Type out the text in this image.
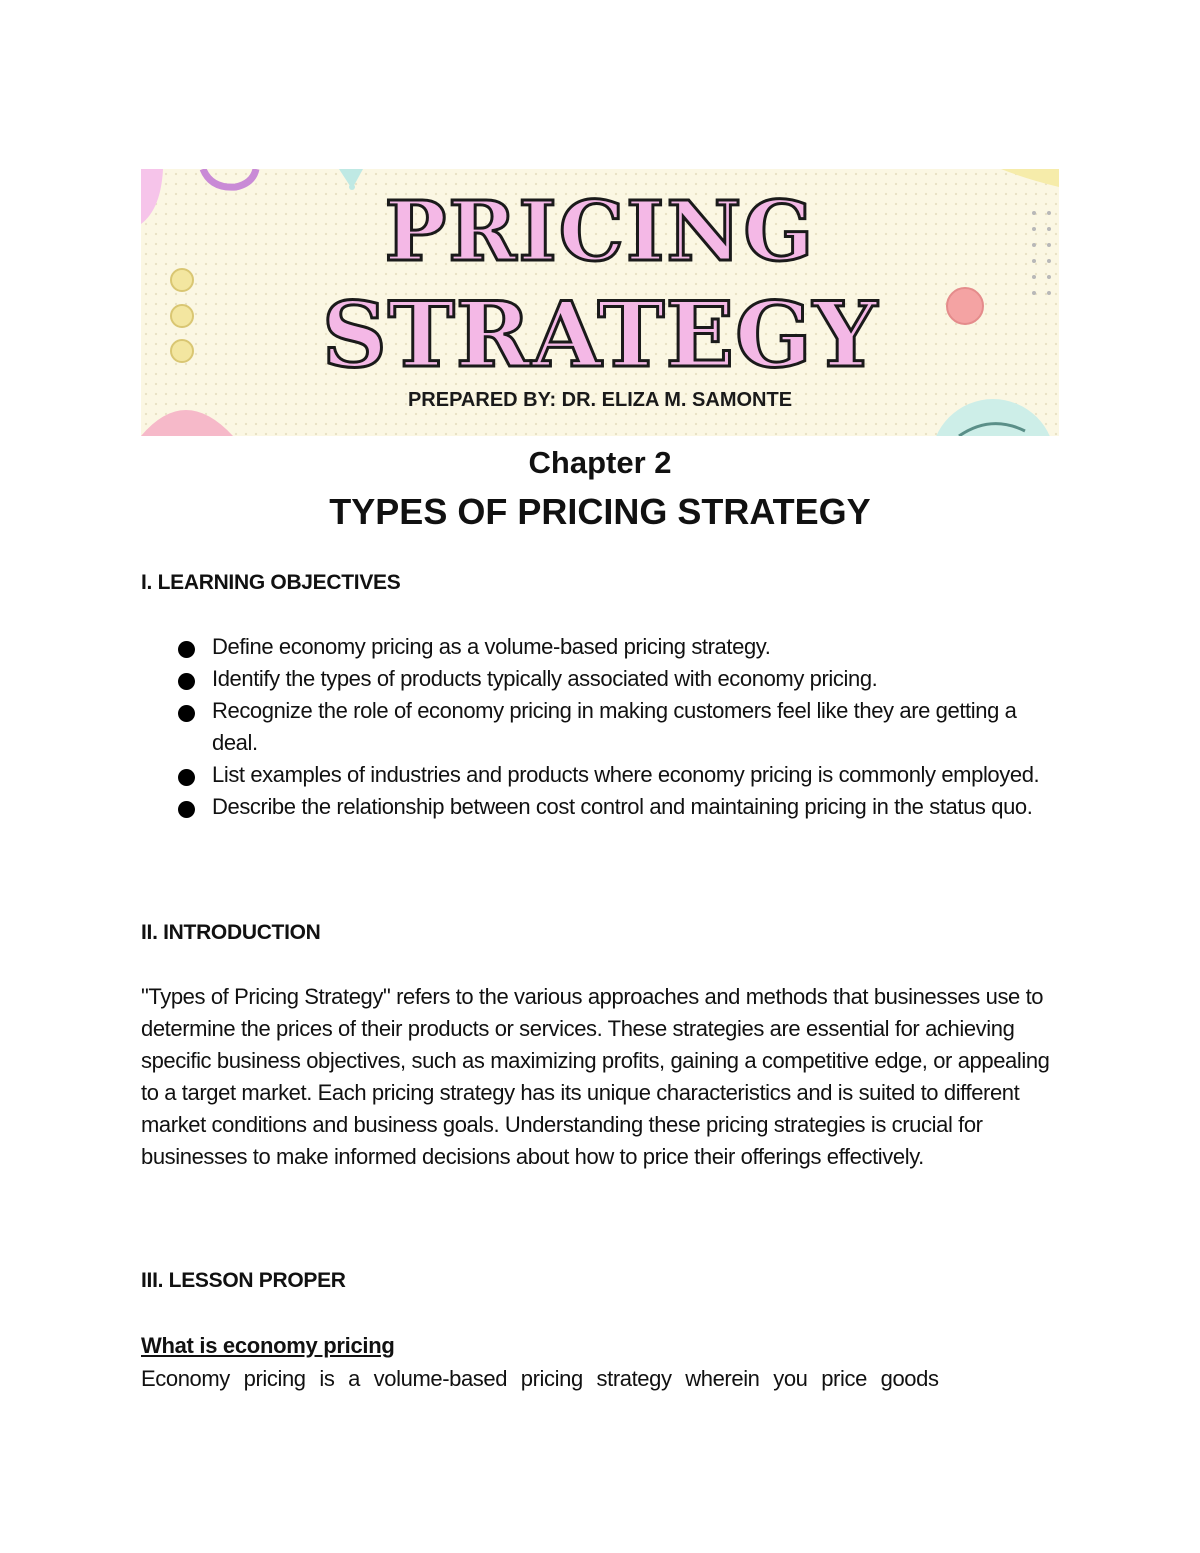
PRICING
STRATEGY
PREPARED BY: DR. ELIZA M. SAMONTE
Chapter 2
TYPES OF PRICING STRATEGY
I. LEARNING OBJECTIVES
Define economy pricing as a volume-based pricing strategy.
Identify the types of products typically associated with economy pricing.
Recognize the role of economy pricing in making customers feel like they are getting a deal.
List examples of industries and products where economy pricing is commonly employed.
Describe the relationship between cost control and maintaining pricing in the status quo.
II. INTRODUCTION
"Types of Pricing Strategy" refers to the various approaches and methods that businesses use to determine the prices of their products or services. These strategies are essential for achieving specific business objectives, such as maximizing profits, gaining a competitive edge, or appealing to a target market. Each pricing strategy has its unique characteristics and is suited to different market conditions and business goals. Understanding these pricing strategies is crucial for businesses to make informed decisions about how to price their offerings effectively.
III. LESSON PROPER
What is economy pricing
Economy pricing is a volume-based pricing strategy wherein you price goods
